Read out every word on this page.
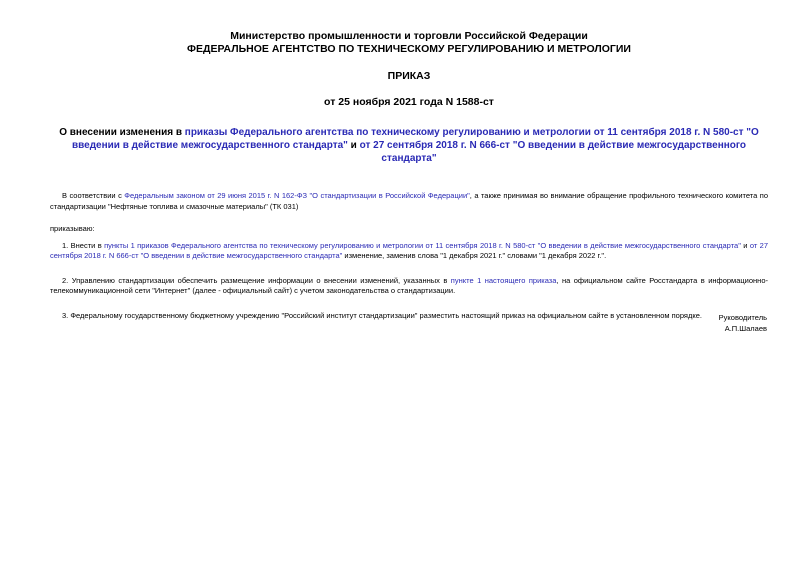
Министерство промышленности и торговли Российской Федерации
ФЕДЕРАЛЬНОЕ АГЕНТСТВО ПО ТЕХНИЧЕСКОМУ РЕГУЛИРОВАНИЮ И МЕТРОЛОГИИ
ПРИКАЗ
от 25 ноября 2021 года N 1588-ст
О внесении изменения в приказы Федерального агентства по техническому регулированию и метрологии от 11 сентября 2018 г. N 580-ст "О введении в действие межгосударственного стандарта" и от 27 сентября 2018 г. N 666-ст "О введении в действие межгосударственного стандарта"

В соответствии с Федеральным законом от 29 июня 2015 г. N 162-ФЗ "О стандартизации в Российской Федерации", а также принимая во внимание обращение профильного технического комитета по стандартизации "Нефтяные топлива и смазочные материалы" (ТК 031)

приказываю:

1. Внести в пункты 1 приказов Федерального агентства по техническому регулированию и метрологии от 11 сентября 2018 г. N 580-ст "О введении в действие межгосударственного стандарта" и от 27 сентября 2018 г. N 666-ст "О введении в действие межгосударственного стандарта" изменение, заменив слова "1 декабря 2021 г." словами "1 декабря 2022 г.".

2. Управлению стандартизации обеспечить размещение информации о внесении изменений, указанных в пункте 1 настоящего приказа, на официальном сайте Росстандарта в информационно-телекоммуникационной сети "Интернет" (далее - официальный сайт) с учетом законодательства о стандартизации.

3. Федеральному государственному бюджетному учреждению "Российский институт стандартизации" разместить настоящий приказ на официальном сайте в установленном порядке.	Руководитель
А.П.Шалаев
